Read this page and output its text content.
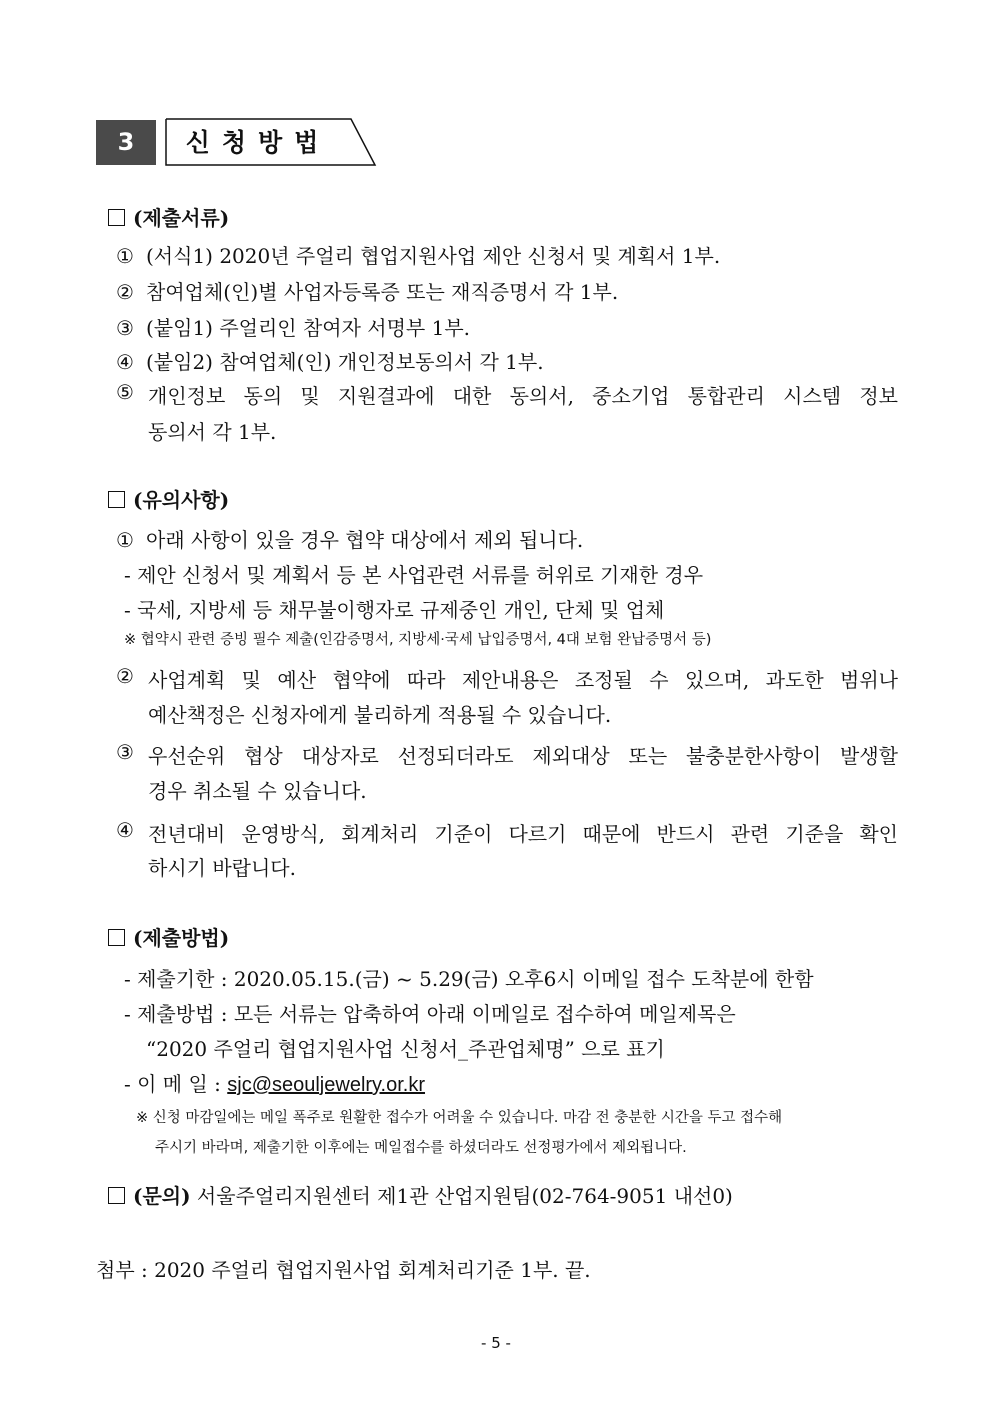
3	신청방법
(제출서류)
① (서식1) 2020년 주얼리 협업지원사업 제안 신청서 및 계획서 1부.
② 참여업체(인)별 사업자등록증 또는 재직증명서 각 1부.
③ (붙임1) 주얼리인 참여자 서명부 1부.
④ (붙임2) 참여업체(인) 개인정보동의서 각 1부.
⑤ 개인정보 동의 및 지원결과에 대한 동의서, 중소기업 통합관리 시스템 정보
동의서 각 1부.
(유의사항)
① 아래 사항이 있을 경우 협약 대상에서 제외 됩니다.
- 제안 신청서 및 계획서 등 본 사업관련 서류를 허위로 기재한 경우
- 국세, 지방세 등 채무불이행자로 규제중인 개인, 단체 및 업체
※ 협약시 관련 증빙 필수 제출(인감증명서, 지방세·국세 납입증명서, 4대 보험 완납증명서 등)
② 사업계획 및 예산 협약에 따라 제안내용은 조정될 수 있으며, 과도한 범위나
예산책정은 신청자에게 불리하게 적용될 수 있습니다.
③ 우선순위 협상 대상자로 선정되더라도 제외대상 또는 불충분한사항이 발생할
경우 취소될 수 있습니다.
④ 전년대비 운영방식, 회계처리 기준이 다르기 때문에 반드시 관련 기준을 확인
하시기 바랍니다.
(제출방법)
- 제출기한 : 2020.05.15.(금) ~ 5.29(금) 오후6시 이메일 접수 도착분에 한함
- 제출방법 : 모든 서류는 압축하여 아래 이메일로 접수하여 메일제목은
“2020 주얼리 협업지원사업 신청서_주관업체명” 으로 표기
- 이 메 일 : sjc@seouljewelry.or.kr
※ 신청 마감일에는 메일 폭주로 원활한 접수가 어려울 수 있습니다. 마감 전 충분한 시간을 두고 접수해
주시기 바라며, 제출기한 이후에는 메일접수를 하셨더라도 선정평가에서 제외됩니다.
(문의) 서울주얼리지원센터 제1관 산업지원팀(02-764-9051 내선0)
첨부 : 2020 주얼리 협업지원사업 회계처리기준 1부. 끝.
- 5 -
